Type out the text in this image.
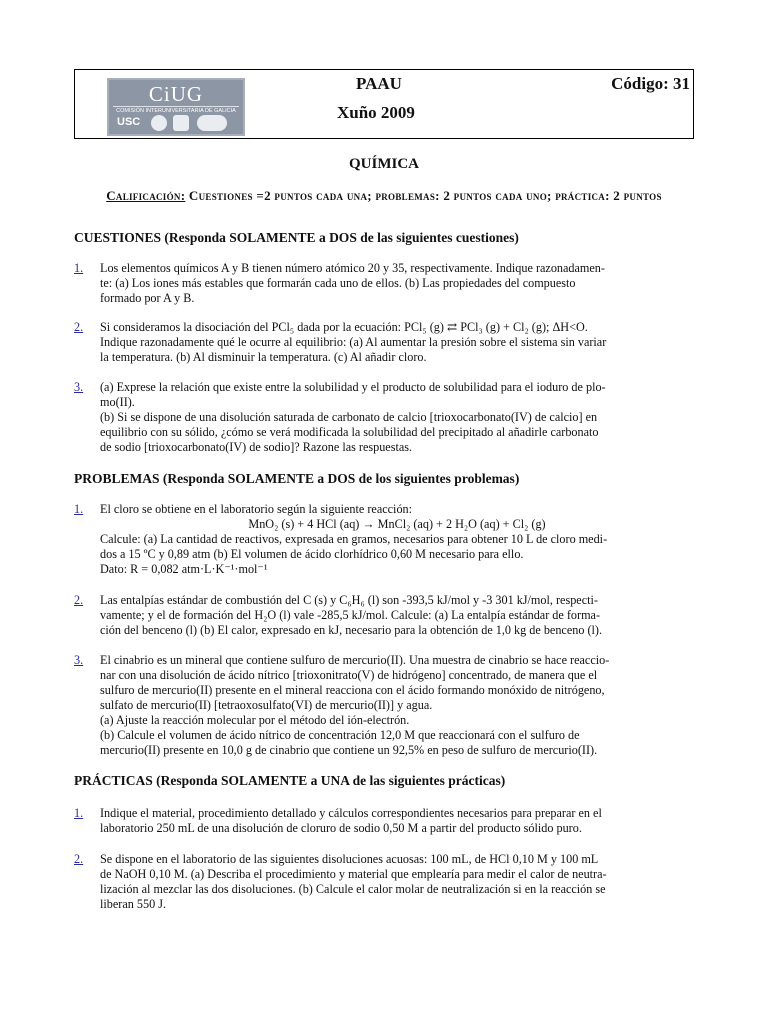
CiUG
COMISIÓN INTERUNIVERSITARIA DE GALICIA
USC
PAAU	Código: 31
Xuño 2009
QUÍMICA
Calificación: Cuestiones =2 puntos cada una; problemas: 2 puntos cada uno; práctica: 2 puntos
CUESTIONES (Responda SOLAMENTE a DOS de las siguientes cuestiones)
1. Los elementos químicos A y B tienen número atómico 20 y 35, respectivamente. Indique razonadamen-
te: (a) Los iones más estables que formarán cada uno de ellos. (b) Las propiedades del compuesto
formado por A y B.
2. Si consideramos la disociación del PCl₅ dada por la ecuación: PCl₅ (g) ⇄ PCl₃ (g) + Cl₂ (g); ΔH<O.
Indique razonadamente qué le ocurre al equilibrio: (a) Al aumentar la presión sobre el sistema sin variar
la temperatura. (b) Al disminuir la temperatura. (c) Al añadir cloro.
3. (a) Exprese la relación que existe entre la solubilidad y el producto de solubilidad para el ioduro de plo-
mo(II).
(b) Si se dispone de una disolución saturada de carbonato de calcio [trioxocarbonato(IV) de calcio] en
equilibrio con su sólido, ¿cómo se verá modificada la solubilidad del precipitado al añadirle carbonato
de sodio [trioxocarbonato(IV) de sodio]? Razone las respuestas.
PROBLEMAS (Responda SOLAMENTE a DOS de los siguientes problemas)
1. El cloro se obtiene en el laboratorio según la siguiente reacción:
MnO₂ (s) + 4 HCl (aq) → MnCl₂ (aq) + 2 H₂O (aq) + Cl₂ (g)
Calcule: (a) La cantidad de reactivos, expresada en gramos, necesarios para obtener 10 L de cloro medi-
dos a 15 ºC y 0,89 atm (b) El volumen de ácido clorhídrico 0,60 M necesario para ello.
Dato: R = 0,082 atm·L·K⁻¹·mol⁻¹
2. Las entalpías estándar de combustión del C (s) y C₆H₆ (l) son -393,5 kJ/mol y -3 301 kJ/mol, respecti-
vamente; y el de formación del H₂O (l) vale -285,5 kJ/mol. Calcule: (a) La entalpía estándar de forma-
ción del benceno (l) (b) El calor, expresado en kJ, necesario para la obtención de 1,0 kg de benceno (l).
3. El cinabrio es un mineral que contiene sulfuro de mercurio(II). Una muestra de cinabrio se hace reaccio-
nar con una disolución de ácido nítrico [trioxonitrato(V) de hidrógeno] concentrado, de manera que el
sulfuro de mercurio(II) presente en el mineral reacciona con el ácido formando monóxido de nitrógeno,
sulfato de mercurio(II) [tetraoxosulfato(VI) de mercurio(II)] y agua.
(a) Ajuste la reacción molecular por el método del ión-electrón.
(b) Calcule el volumen de ácido nítrico de concentración 12,0 M que reaccionará con el sulfuro de
mercurio(II) presente en 10,0 g de cinabrio que contiene un 92,5% en peso de sulfuro de mercurio(II).
PRÁCTICAS (Responda SOLAMENTE a UNA de las siguientes prácticas)
1. Indique el material, procedimiento detallado y cálculos correspondientes necesarios para preparar en el
laboratorio 250 mL de una disolución de cloruro de sodio 0,50 M a partir del producto sólido puro.
2. Se dispone en el laboratorio de las siguientes disoluciones acuosas: 100 mL, de HCl 0,10 M y 100 mL
de NaOH 0,10 M. (a) Describa el procedimiento y material que emplearía para medir el calor de neutra-
lización al mezclar las dos disoluciones. (b) Calcule el calor molar de neutralización si en la reacción se
liberan 550 J.
